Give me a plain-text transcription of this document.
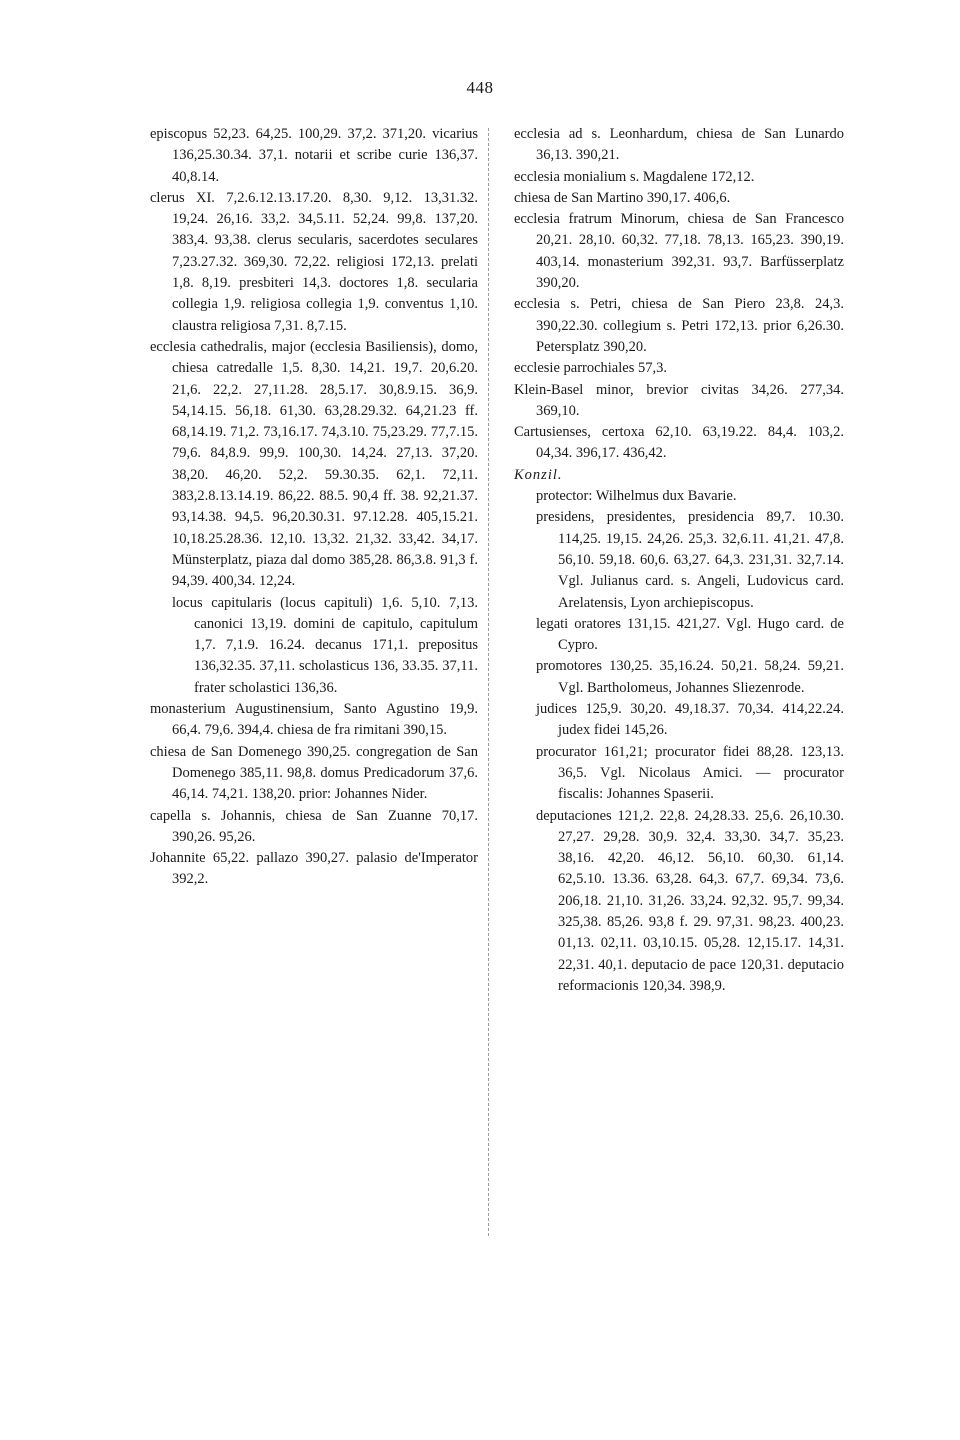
448

episcopus 52,23. 64,25. 100,29. 37,2. 371,20. vicarius 136,25.30.34. 37,1. notarii et scribe curie 136,37. 40,8.14.

clerus XI. 7,2.6.12.13.17.20. 8,30. 9,12. 13,31.32. 19,24. 26,16. 33,2. 34,5.11. 52,24. 99,8. 137,20. 383,4. 93,38. clerus secularis, sacerdotes seculares 7,23.27.32. 369,30. 72,22. religiosi 172,13. prelati 1,8. 8,19. presbiteri 14,3. doctores 1,8. secularia collegia 1,9. religiosa collegia 1,9. conventus 1,10. claustra religiosa 7,31. 8,7.15.

ecclesia cathedralis, major (ecclesia Basiliensis), domo, chiesa catredalle 1,5. 8,30. 14,21. 19,7. 20,6.20. 21,6. 22,2. 27,11.28. 28,5.17. 30,8.9.15. 36,9. 54,14.15. 56,18. 61,30. 63,28.29.32. 64,21.23 ff. 68,14.19. 71,2. 73,16.17. 74,3.10. 75,23.29. 77,7.15. 79,6. 84,8.9. 99,9. 100,30. 14,24. 27,13. 37,20. 38,20. 46,20. 52,2. 59.30.35. 62,1. 72,11. 383,2.8.13.14.19. 86,22. 88.5. 90,4 ff. 38. 92,21.37. 93,14.38. 94,5. 96,20.30.31. 97.12.28. 405,15.21. 10,18.25.28.36. 12,10. 13,32. 21,32. 33,42. 34,17. Münsterplatz, piaza dal domo 385,28. 86,3.8. 91,3 f. 94,39. 400,34. 12,24.

locus capitularis (locus capituli) 1,6. 5,10. 7,13. canonici 13,19. domini de capitulo, capitulum 1,7. 7,1.9. 16.24. decanus 171,1. prepositus 136,32.35. 37,11. scholasticus 136, 33.35. 37,11. frater scholastici 136,36.

monasterium Augustinensium, Santo Agustino 19,9. 66,4. 79,6. 394,4. chiesa de fra rimitani 390,15.

chiesa de San Domenego 390,25. congregation de San Domenego 385,11. 98,8. domus Predicadorum 37,6. 46,14. 74,21. 138,20. prior: Johannes Nider.

capella s. Johannis, chiesa de San Zuanne 70,17. 390,26. 95,26.

Johannite 65,22. pallazo 390,27. palasio de'Imperator 392,2.

ecclesia ad s. Leonhardum, chiesa de San Lunardo 36,13. 390,21.

ecclesia monialium s. Magdalene 172,12.

chiesa de San Martino 390,17. 406,6.

ecclesia fratrum Minorum, chiesa de San Francesco 20,21. 28,10. 60,32. 77,18. 78,13. 165,23. 390,19. 403,14. monasterium 392,31. 93,7. Barfüsserplatz 390,20.

ecclesia s. Petri, chiesa de San Piero 23,8. 24,3. 390,22.30. collegium s. Petri 172,13. prior 6,26.30. Petersplatz 390,20.

ecclesie parrochiales 57,3.

Klein-Basel minor, brevior civitas 34,26. 277,34. 369,10.

Cartusienses, certoxa 62,10. 63,19.22. 84,4. 103,2. 04,34. 396,17. 436,42.

Konzil.

protector: Wilhelmus dux Bavarie.

presidens, presidentes, presidencia 89,7. 10.30. 114,25. 19,15. 24,26. 25,3. 32,6.11. 41,21. 47,8. 56,10. 59,18. 60,6. 63,27. 64,3. 231,31. 32,7.14. Vgl. Julianus card. s. Angeli, Ludovicus card. Arelatensis, Lyon archiepiscopus.

legati oratores 131,15. 421,27. Vgl. Hugo card. de Cypro.

promotores 130,25. 35,16.24. 50,21. 58,24. 59,21. Vgl. Bartholomeus, Johannes Sliezenrode.

judices 125,9. 30,20. 49,18.37. 70,34. 414,22.24. judex fidei 145,26.

procurator 161,21; procurator fidei 88,28. 123,13. 36,5. Vgl. Nicolaus Amici. — procurator fiscalis: Johannes Spaserii.

deputaciones 121,2. 22,8. 24,28.33. 25,6. 26,10.30. 27,27. 29,28. 30,9. 32,4. 33,30. 34,7. 35,23. 38,16. 42,20. 46,12. 56,10. 60,30. 61,14. 62,5.10. 13.36. 63,28. 64,3. 67,7. 69,34. 73,6. 206,18. 21,10. 31,26. 33,24. 92,32. 95,7. 99,34. 325,38. 85,26. 93,8 f. 29. 97,31. 98,23. 400,23. 01,13. 02,11. 03,10.15. 05,28. 12,15.17. 14,31. 22,31. 40,1. deputacio de pace 120,31. deputacio reformacionis 120,34. 398,9.
